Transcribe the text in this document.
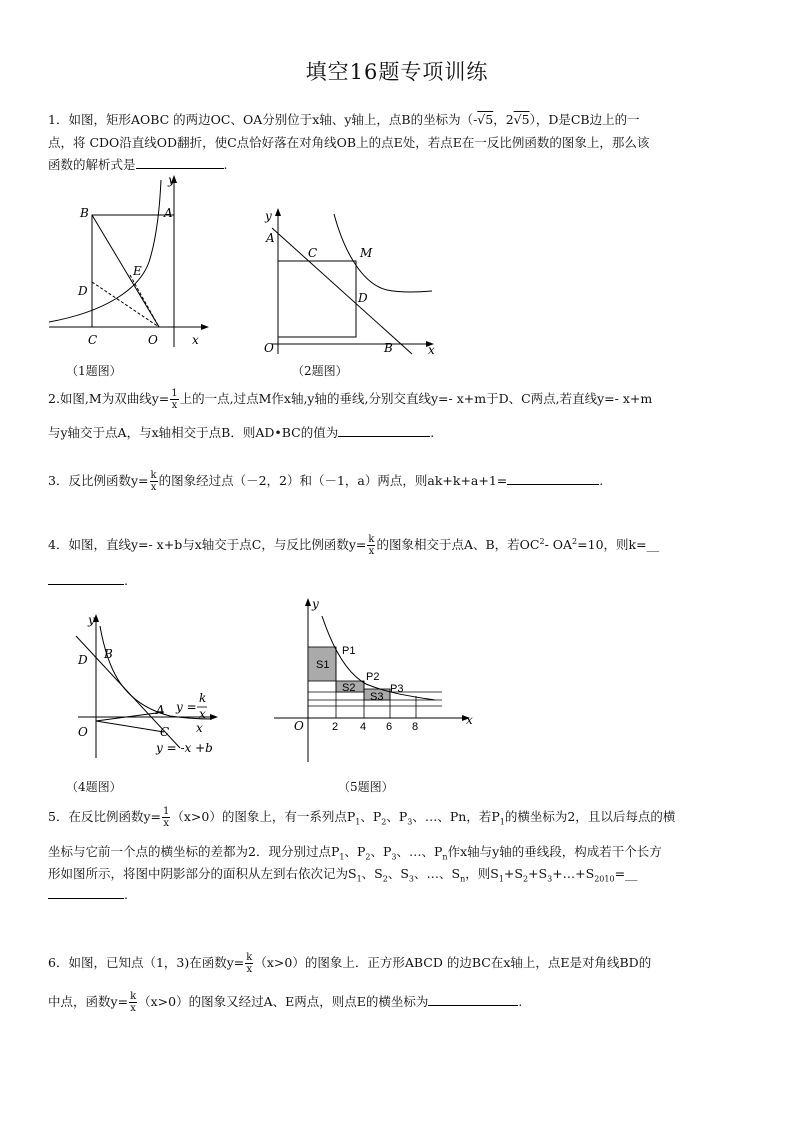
填空16题专项训练
1．如图，矩形AOBC 的两边OC、OA分别位于x轴、y轴上，点B的坐标为（-√5，2√5），D是CB边上的一
点，将 CDO沿直线OD翻折，使C点恰好落在对角线OB上的点E处，若点E在一反比例函数的图象上，那么该
函数的解析式是	.
y
B	A
E
D
C	O	x
（1题图）
y
A
C	M
D
O	B	x
（2题图）
2.如图,M为双曲线$y= \frac{1}{x}$ 上的一点,过点M作x轴,y轴的垂线,分别交直线y=- x+m于D、C两点,若直线y=- x+m
与y轴交于点A，与x轴相交于点B．则AD•BC的值为	.
3．反比例函数$y= \frac{k}{x}$ 的图象经过点（－2，2）和（－1，a）两点，则ak+k+a+1=	.
4．如图，直线y=- x+b与x轴交于点C，与反比例函数$y= \frac{k}{x}$ 的图象相交于点A、B，若$OC^2-$ $OA^2=10$，则k=__
.
y
D B
A
O	C x
y =
k
x
y = -x +b
（4题图）
y
S1
P1
S2
P2
S3
P3
O	2 4 6 8	x
（5题图）
5．在反比例函数$y= \frac{1}{x} (x>0)$的图象上，有一系列点$P_1$、$P_2$、$P_3$、…、Pn，若$P_1$的横坐标为2，且以后每点的横
坐标与它前一个点的横坐标的差都为2．现分别过点$P_1$、$P_2$、$P_3$、…、$P_n$作x轴与y轴的垂线段，构成若干个长方
形如图所示，将图中阴影部分的面积从左到右依次记为$S_1$、$S_2$、$S_3$、…、$S_n$，则$S_1+S_2+S_3+\dots+S_{2010}=\_\_$
.
6．如图，已知点（1，3)在函数$y= \frac{k}{x} (x>0)$的图象上．正方形ABCD 的边BC在x轴上，点E是对角线BD的
中点，函数$y= \frac{k}{x} (x>0)$的图象又经过A、E两点，则点E的横坐标为	.
